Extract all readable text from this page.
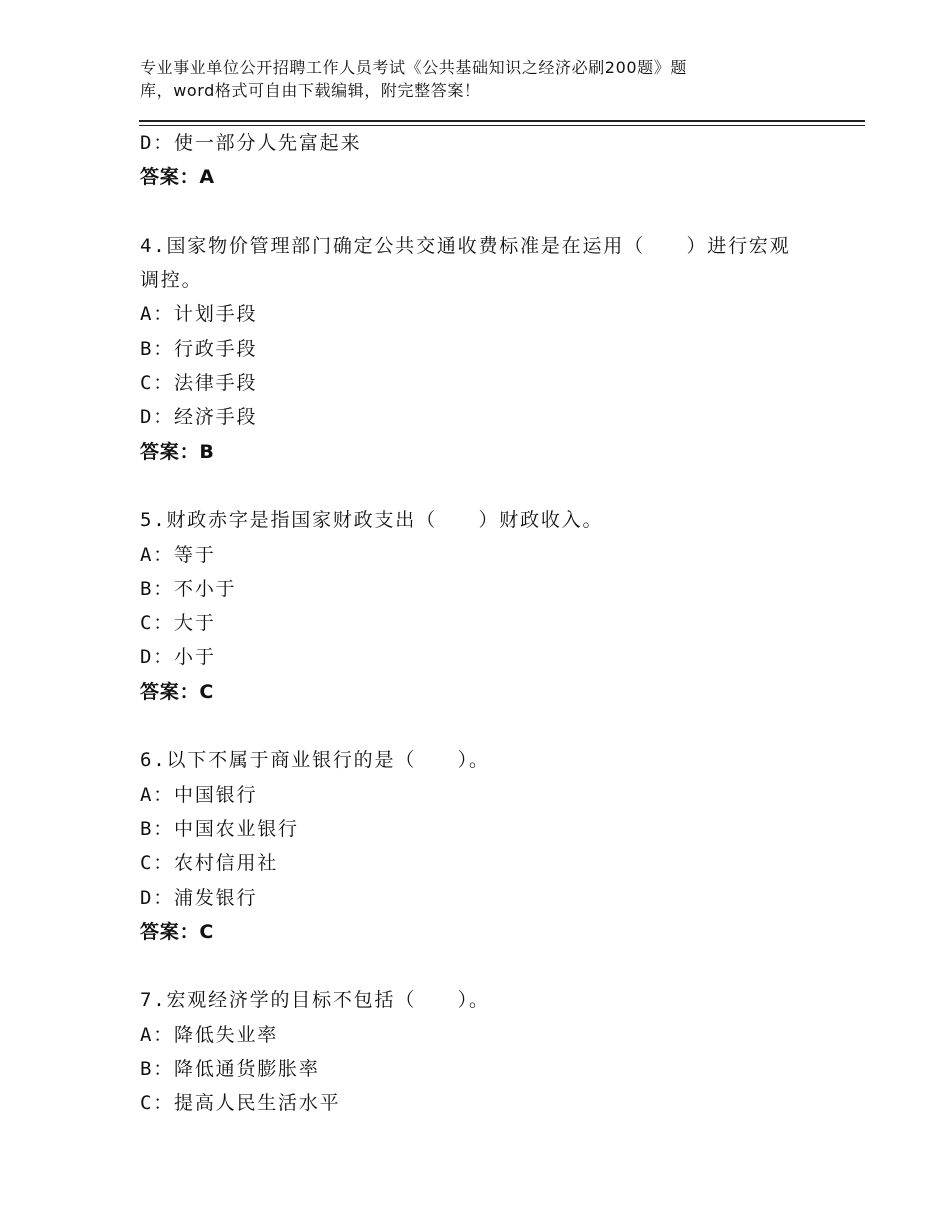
专业事业单位公开招聘工作人员考试《公共基础知识之经济必刷200题》题
库，word格式可自由下载编辑，附完整答案！

D：使一部分人先富起来

答案：A

4.国家物价管理部门确定公共交通收费标准是在运用（　　）进行宏观调控。

A：计划手段

B：行政手段

C：法律手段

D：经济手段

答案：B

5.财政赤字是指国家财政支出（　　）财政收入。

A：等于

B：不小于

C：大于

D：小于

答案：C

6.以下不属于商业银行的是（　　）。

A：中国银行

B：中国农业银行

C：农村信用社

D：浦发银行

答案：C

7.宏观经济学的目标不包括（　　）。

A：降低失业率

B：降低通货膨胀率

C：提高人民生活水平
